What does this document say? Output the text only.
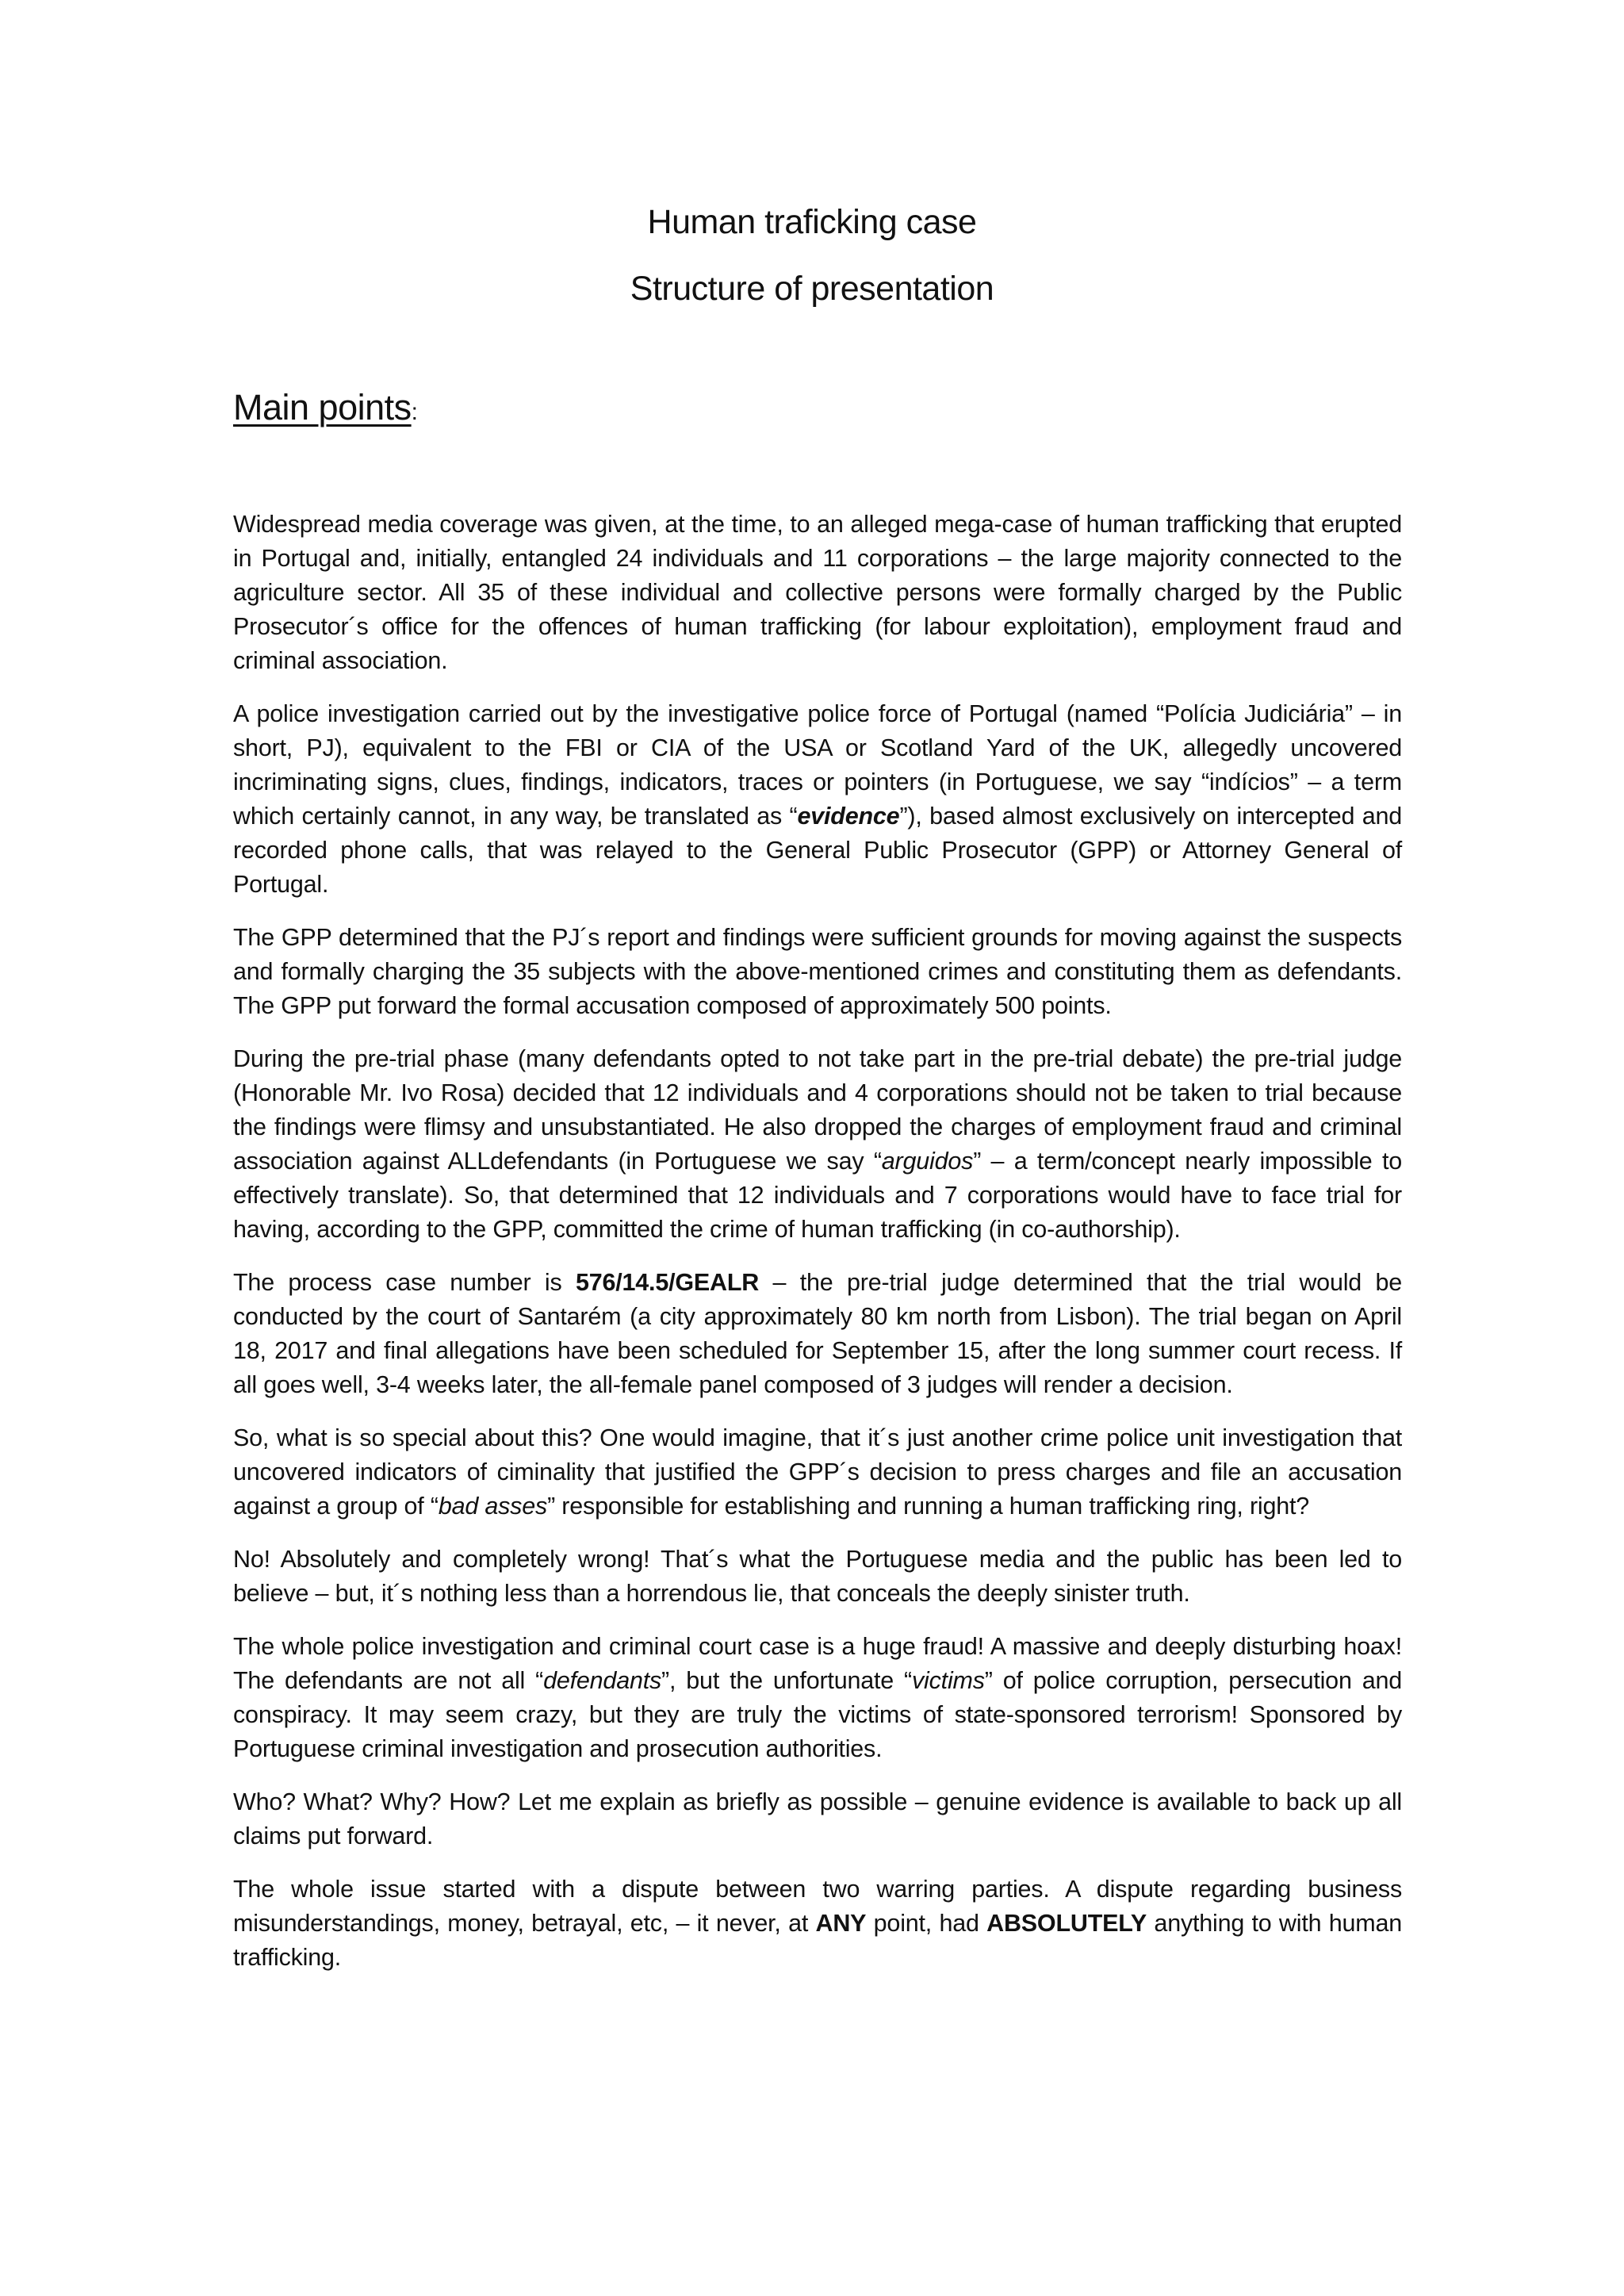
Human traficking case
Structure of presentation
Main points:

Widespread media coverage was given, at the time, to an alleged mega-case of human trafficking that erupted in Portugal and, initially, entangled 24 individuals and 11 corporations – the large majority connected to the agriculture sector. All 35 of these individual and collective persons were formally charged by the Public Prosecutor´s office for the offences of human trafficking (for labour exploitation), employment fraud and criminal association.

A police investigation carried out by the investigative police force of Portugal (named “Polícia Judiciária” – in short, PJ), equivalent to the FBI or CIA of the USA or Scotland Yard of the UK, allegedly uncovered incriminating signs, clues, findings, indicators, traces or pointers (in Portuguese, we say “indícios” – a term which certainly cannot, in any way, be translated as “evidence”), based almost exclusively on intercepted and recorded phone calls, that was relayed to the General Public Prosecutor (GPP) or Attorney General of Portugal.

The GPP determined that the PJ´s report and findings were sufficient grounds for moving against the suspects and formally charging the 35 subjects with the above-mentioned crimes and constituting them as defendants. The GPP put forward the formal accusation composed of approximately 500 points.

During the pre-trial phase (many defendants opted to not take part in the pre-trial debate) the pre-trial judge (Honorable Mr. Ivo Rosa) decided that 12 individuals and 4 corporations should not be taken to trial because the findings were flimsy and unsubstantiated. He also dropped the charges of employment fraud and criminal association against ALLdefendants (in Portuguese we say “arguidos” – a term/concept nearly impossible to effectively translate). So, that determined that 12 individuals and 7 corporations would have to face trial for having, according to the GPP, committed the crime of human trafficking (in co-authorship).

The process case number is 576/14.5/GEALR – the pre-trial judge determined that the trial would be conducted by the court of Santarém (a city approximately 80 km north from Lisbon). The trial began on April 18, 2017 and final allegations have been scheduled for September 15, after the long summer court recess. If all goes well, 3-4 weeks later, the all-female panel composed of 3 judges will render a decision.

So, what is so special about this? One would imagine, that it´s just another crime police unit investigation that uncovered indicators of ciminality that justified the GPP´s decision to press charges and file an accusation against a group of “bad asses” responsible for establishing and running a human trafficking ring, right?

No! Absolutely and completely wrong! That´s what the Portuguese media and the public has been led to believe – but, it´s nothing less than a horrendous lie, that conceals the deeply sinister truth.

The whole police investigation and criminal court case is a huge fraud! A massive and deeply disturbing hoax! The defendants are not all “defendants”, but the unfortunate “victims” of police corruption, persecution and conspiracy. It may seem crazy, but they are truly the victims of state-sponsored terrorism! Sponsored by Portuguese criminal investigation and prosecution authorities.

Who? What? Why? How? Let me explain as briefly as possible – genuine evidence is available to back up all claims put forward.

The whole issue started with a dispute between two warring parties. A dispute regarding business misunderstandings, money, betrayal, etc, – it never, at ANY point, had ABSOLUTELY anything to with human trafficking.
